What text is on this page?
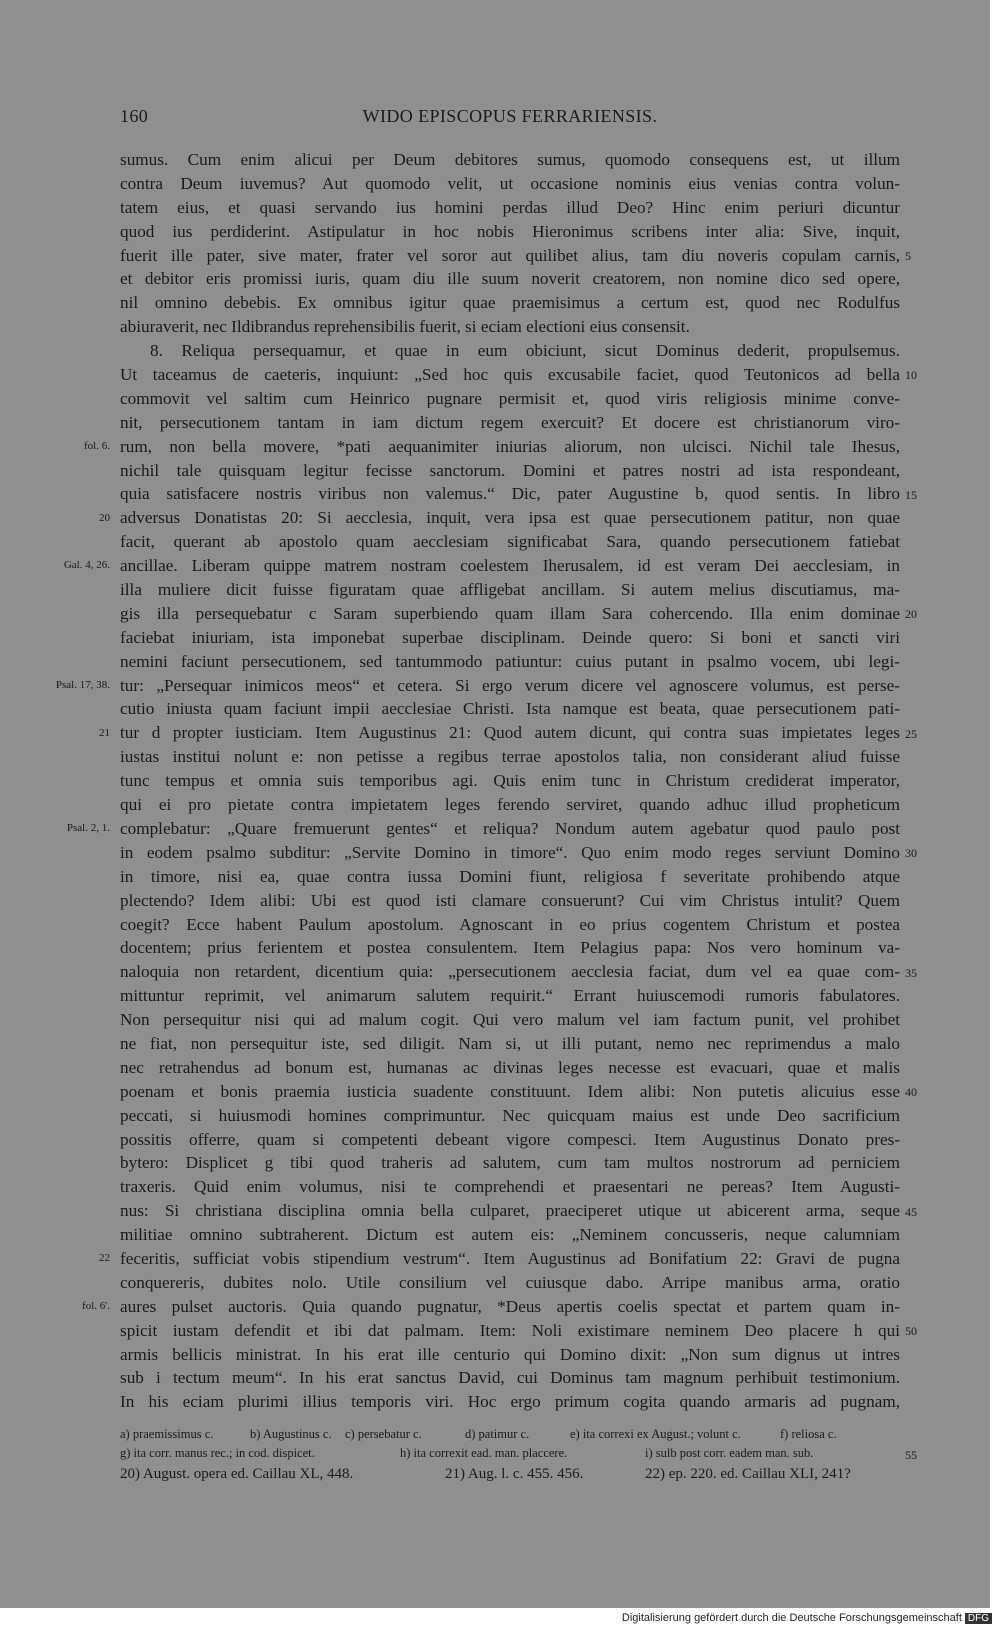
160	WIDO EPISCOPUS FERRARIENSIS.
sumus. Cum enim alicui per Deum debitores sumus, quomodo consequens est, ut illum
contra Deum iuvemus? Aut quomodo velit, ut occasione nominis eius venias contra volun-
tatem eius, et quasi servando ius homini perdas illud Deo? Hinc enim periuri dicuntur
quod ius perdiderint. Astipulatur in hoc nobis Hieronimus scribens inter alia: Sive, inquit,
fuerit ille pater, sive mater, frater vel soror aut quilibet alius, tam diu noveris copulam carnis,
et debitor eris promissi iuris, quam diu ille suum noverit creatorem, non nomine dico sed opere,
nil omnino debebis. Ex omnibus igitur quae praemisimus a certum est, quod nec Rodulfus
abiuraverit, nec Ildibrandus reprehensibilis fuerit, si eciam electioni eius consensit.
8. Reliqua persequamur, et quae in eum obiciunt, sicut Dominus dederit, propulsemus.
Ut taceamus de caeteris, inquiunt: „Sed hoc quis excusabile faciet, quod Teutonicos ad bella
commovit vel saltim cum Heinrico pugnare permisit et, quod viris religiosis minime conve-
nit, persecutionem tantam in iam dictum regem exercuit? Et docere est christianorum viro-
rum, non bella movere, *pati aequanimiter iniurias aliorum, non ulcisci. Nichil tale Ihesus,
nichil tale quisquam legitur fecisse sanctorum. Domini et patres nostri ad ista respondeant,
quia satisfacere nostris viribus non valemus.“ Dic, pater Augustine b, quod sentis. In libro
adversus Donatistas 20: Si aecclesia, inquit, vera ipsa est quae persecutionem patitur, non quae
facit, querant ab apostolo quam aecclesiam significabat Sara, quando persecutionem fatiebat
ancillae. Liberam quippe matrem nostram coelestem Iherusalem, id est veram Dei aecclesiam, in
illa muliere dicit fuisse figuratam quae affligebat ancillam. Si autem melius discutiamus, ma-
gis illa persequebatur c Saram superbiendo quam illam Sara cohercendo. Illa enim dominae
faciebat iniuriam, ista imponebat superbae disciplinam. Deinde quero: Si boni et sancti viri
nemini faciunt persecutionem, sed tantummodo patiuntur: cuius putant in psalmo vocem, ubi legi-
tur: „Persequar inimicos meos“ et cetera. Si ergo verum dicere vel agnoscere volumus, est perse-
cutio iniusta quam faciunt impii aecclesiae Christi. Ista namque est beata, quae persecutionem pati-
tur d propter iusticiam. Item Augustinus 21: Quod autem dicunt, qui contra suas impietates leges
iustas institui nolunt e: non petisse a regibus terrae apostolos talia, non considerant aliud fuisse
tunc tempus et omnia suis temporibus agi. Quis enim tunc in Christum crediderat imperator,
qui ei pro pietate contra impietatem leges ferendo serviret, quando adhuc illud propheticum
complebatur: „Quare fremuerunt gentes“ et reliqua? Nondum autem agebatur quod paulo post
in eodem psalmo subditur: „Servite Domino in timore“. Quo enim modo reges serviunt Domino
in timore, nisi ea, quae contra iussa Domini fiunt, religiosa f severitate prohibendo atque
plectendo? Idem alibi: Ubi est quod isti clamare consuerunt? Cui vim Christus intulit? Quem
coegit? Ecce habent Paulum apostolum. Agnoscant in eo prius cogentem Christum et postea
docentem; prius ferientem et postea consulentem. Item Pelagius papa: Nos vero hominum va-
naloquia non retardent, dicentium quia: „persecutionem aecclesia faciat, dum vel ea quae com-
mittuntur reprimit, vel animarum salutem requirit.“ Errant huiuscemodi rumoris fabulatores.
Non persequitur nisi qui ad malum cogit. Qui vero malum vel iam factum punit, vel prohibet
ne fiat, non persequitur iste, sed diligit. Nam si, ut illi putant, nemo nec reprimendus a malo
nec retrahendus ad bonum est, humanas ac divinas leges necesse est evacuari, quae et malis
poenam et bonis praemia iusticia suadente constituunt. Idem alibi: Non putetis alicuius esse
peccati, si huiusmodi homines comprimuntur. Nec quicquam maius est unde Deo sacrificium
possitis offerre, quam si competenti debeant vigore compesci. Item Augustinus Donato pres-
bytero: Displicet g tibi quod traheris ad salutem, cum tam multos nostrorum ad perniciem
traxeris. Quid enim volumus, nisi te comprehendi et praesentari ne pereas? Item Augusti-
nus: Si christiana disciplina omnia bella culparet, praeciperet utique ut abicerent arma, seque
militiae omnino subtraherent. Dictum est autem eis: „Neminem concusseris, neque calumniam
feceritis, sufficiat vobis stipendium vestrum“. Item Augustinus ad Bonifatium 22: Gravi de pugna
conquereris, dubites nolo. Utile consilium vel cuiusque dabo. Arripe manibus arma, oratio
aures pulset auctoris. Quia quando pugnatur, *Deus apertis coelis spectat et partem quam in-
spicit iustam defendit et ibi dat palmam. Item: Noli existimare neminem Deo placere h qui
armis bellicis ministrat. In his erat ille centurio qui Domino dixit: „Non sum dignus ut intres
sub i tectum meum“. In his erat sanctus David, cui Dominus tam magnum perhibuit testimonium.
In his eciam plurimi illius temporis viri. Hoc ergo primum cogita quando armaris ad pugnam,
fol. 6.
20
Gal. 4, 26.
Psal. 17, 38.
21
Psal. 2, 1.
22
fol. 6'.
5
10
15
20
25
30
35
40
45
50
a) praemissimus c.	b) Augustinus c. c) persebatur c.	d) patimur c.	e) ita correxi ex August.; volunt c.	f) reliosa c.
g) ita corr. manus rec.; in cod. dispicet.	h) ita correxit ead. man. placcere.	i) sulb post corr. eadem man. sub.	55
20) August. opera ed. Caillau XL, 448.	21) Aug. l. c. 455. 456.	22) ep. 220. ed. Caillau XLI, 241?
Digitalisierung gefördert durch die Deutsche Forschungsgemeinschaft DFG
